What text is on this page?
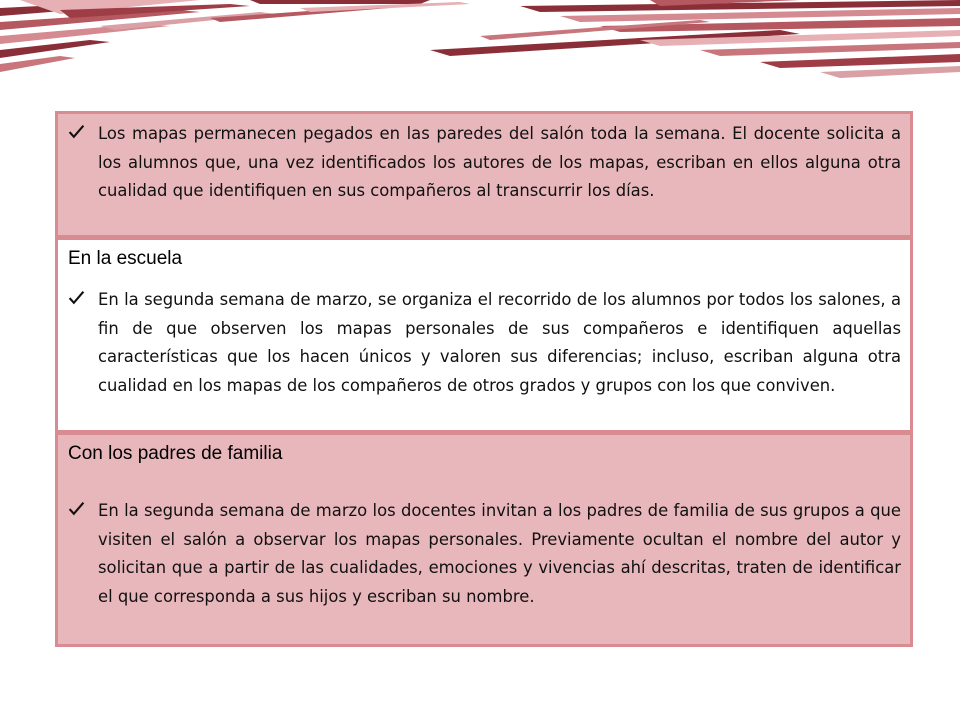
Los mapas permanecen pegados en las paredes del salón toda la semana. El docente solicita a los alumnos que, una vez identificados los autores de los mapas, escriban en ellos alguna otra cualidad que identifiquen en sus compañeros al transcurrir los días.

En la escuela

En la segunda semana de marzo, se organiza el recorrido de los alumnos por todos los salones, a fin de que observen los mapas personales de sus compañeros e identifiquen aquellas características que los hacen únicos y valoren sus diferencias; incluso, escriban alguna otra cualidad en los mapas de los compañeros de otros grados y grupos con los que conviven.

Con los padres de familia

En la segunda semana de marzo los docentes invitan a los padres de familia de sus grupos a que visiten el salón a observar los mapas personales. Previamente ocultan el nombre del autor y solicitan que a partir de las cualidades, emociones y vivencias ahí descritas, traten de identificar el que corresponda a sus hijos y escriban su nombre.
